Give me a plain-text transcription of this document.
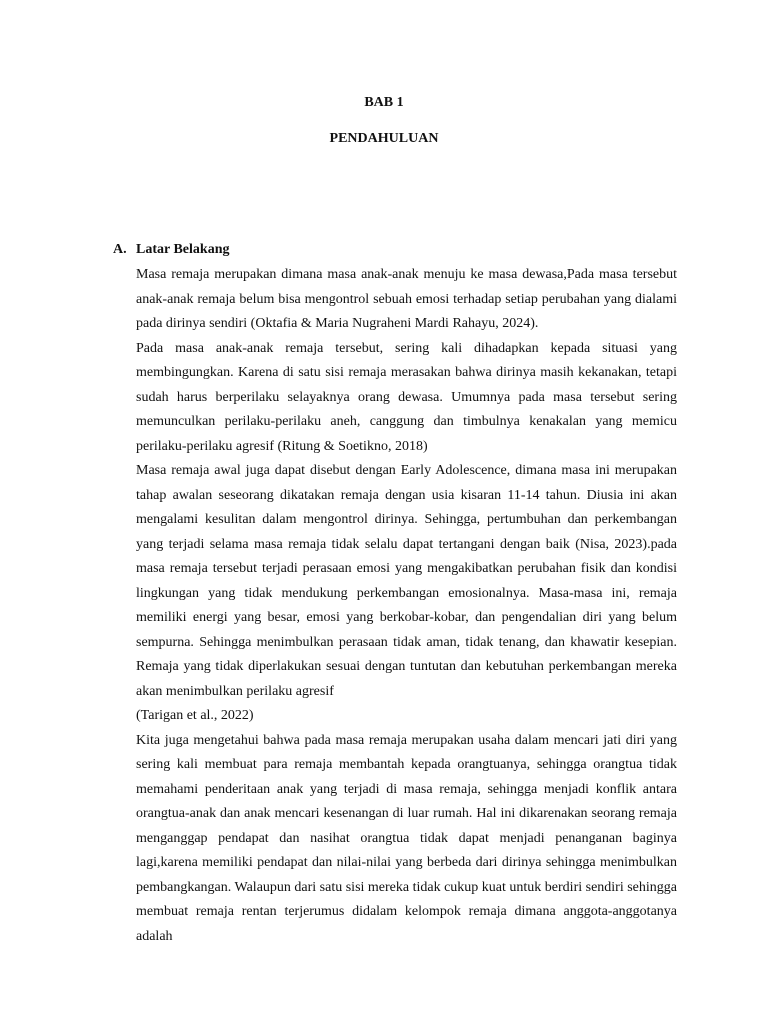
BAB 1
PENDAHULUAN
A. Latar Belakang

Masa remaja merupakan dimana masa anak-anak menuju ke masa dewasa,Pada masa tersebut anak-anak remaja belum bisa mengontrol sebuah emosi terhadap setiap perubahan yang dialami pada dirinya sendiri (Oktafia & Maria Nugraheni Mardi Rahayu, 2024).

Pada masa anak-anak remaja tersebut, sering kali dihadapkan kepada situasi yang membingungkan. Karena di satu sisi remaja merasakan bahwa dirinya masih kekanakan, tetapi sudah harus berperilaku selayaknya orang dewasa. Umumnya pada masa tersebut sering memunculkan perilaku-perilaku aneh, canggung dan timbulnya kenakalan yang memicu perilaku-perilaku agresif (Ritung & Soetikno, 2018)

Masa remaja awal juga dapat disebut dengan Early Adolescence, dimana masa ini merupakan tahap awalan seseorang dikatakan remaja dengan usia kisaran 11-14 tahun. Diusia ini akan mengalami kesulitan dalam mengontrol dirinya. Sehingga, pertumbuhan dan perkembangan yang terjadi selama masa remaja tidak selalu dapat tertangani dengan baik (Nisa, 2023).pada masa remaja tersebut terjadi perasaan emosi yang mengakibatkan perubahan fisik dan kondisi lingkungan yang tidak mendukung perkembangan emosionalnya. Masa-masa ini, remaja memiliki energi yang besar, emosi yang berkobar-kobar, dan pengendalian diri yang belum sempurna. Sehingga menimbulkan perasaan tidak aman, tidak tenang, dan khawatir kesepian. Remaja yang tidak diperlakukan sesuai dengan tuntutan dan kebutuhan perkembangan mereka akan menimbulkan perilaku agresif

(Tarigan et al., 2022)

Kita juga mengetahui bahwa pada masa remaja merupakan usaha dalam mencari jati diri yang sering kali membuat para remaja membantah kepada orangtuanya, sehingga orangtua tidak memahami penderitaan anak yang terjadi di masa remaja, sehingga menjadi konflik antara orangtua-anak dan anak mencari kesenangan di luar rumah. Hal ini dikarenakan seorang remaja menganggap pendapat dan nasihat orangtua tidak dapat menjadi penanganan baginya lagi,karena memiliki pendapat dan nilai-nilai yang berbeda dari dirinya sehingga menimbulkan pembangkangan. Walaupun dari satu sisi mereka tidak cukup kuat untuk berdiri sendiri sehingga membuat remaja rentan terjerumus didalam kelompok remaja dimana anggota-anggotanya adalah
